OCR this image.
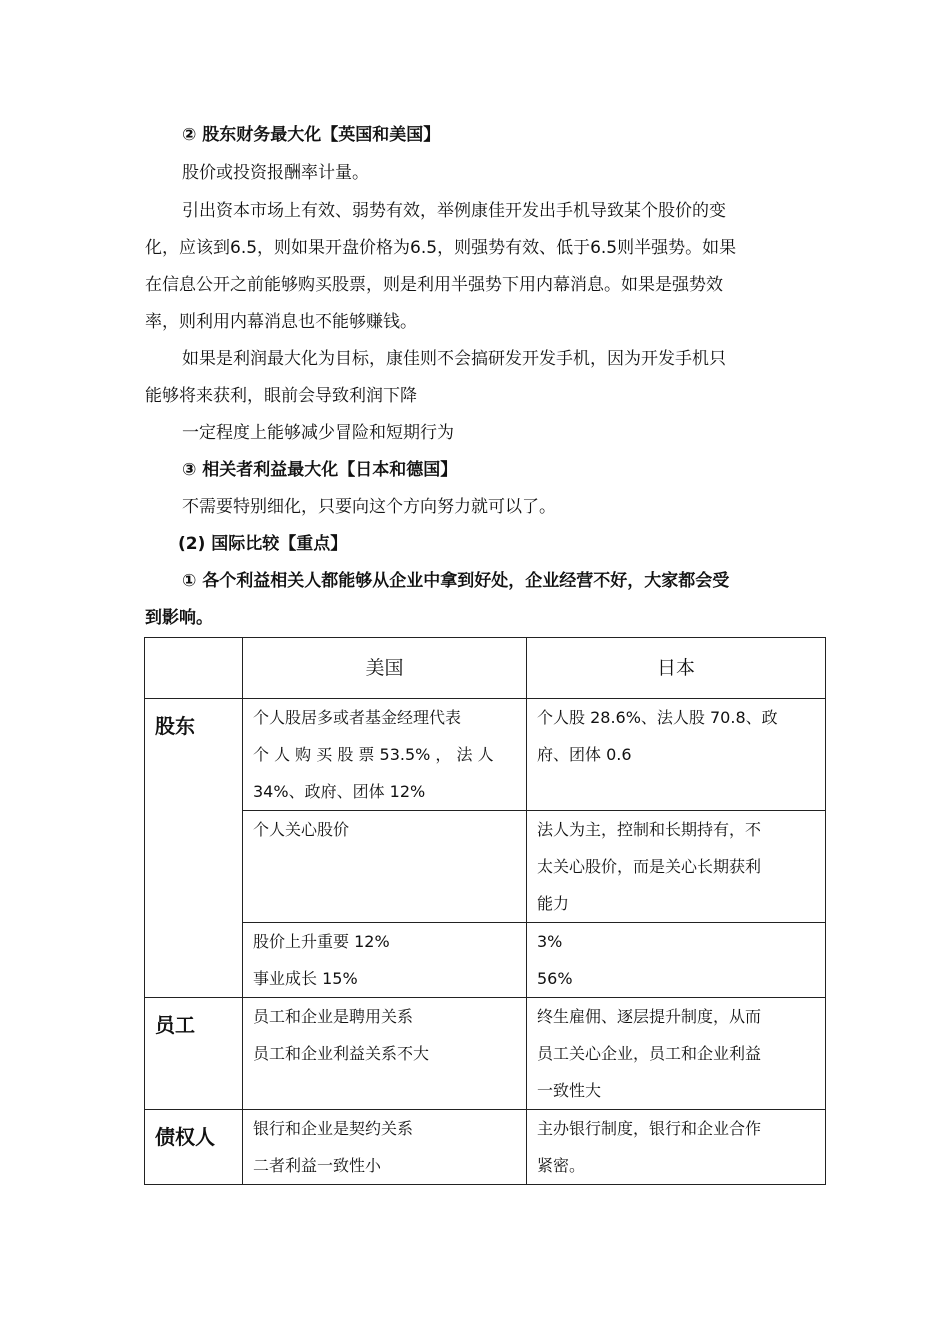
② 股东财务最大化【英国和美国】

股价或投资报酬率计量。

引出资本市场上有效、弱势有效，举例康佳开发出手机导致某个股价的变

化，应该到6.5，则如果开盘价格为6.5，则强势有效、低于6.5则半强势。如果

在信息公开之前能够购买股票，则是利用半强势下用内幕消息。如果是强势效

率，则利用内幕消息也不能够赚钱。

如果是利润最大化为目标，康佳则不会搞研发开发手机，因为开发手机只

能够将来获利，眼前会导致利润下降

一定程度上能够减少冒险和短期行为

③ 相关者利益最大化【日本和德国】

不需要特别细化，只要向这个方向努力就可以了。

(2) 国际比较【重点】

① 各个利益相关人都能够从企业中拿到好处，企业经营不好，大家都会受

到影响。

	美国	日本
股东	个人股居多或者基金经理代表
个 人 购 买 股 票 53.5% ， 法 人
34%、政府、团体 12%	个人股 28.6%、法人股 70.8、政
府、团体 0.6

	个人关心股价	法人为主，控制和长期持有，不
太关心股价，而是关心长期获利
能力

	股价上升重要 12%
事业成长 15%	3%
56%

员工	员工和企业是聘用关系
员工和企业利益关系不大	终生雇佣、逐层提升制度，从而
员工关心企业，员工和企业利益
一致性大

债权人	银行和企业是契约关系
二者利益一致性小	主办银行制度，银行和企业合作
紧密。
